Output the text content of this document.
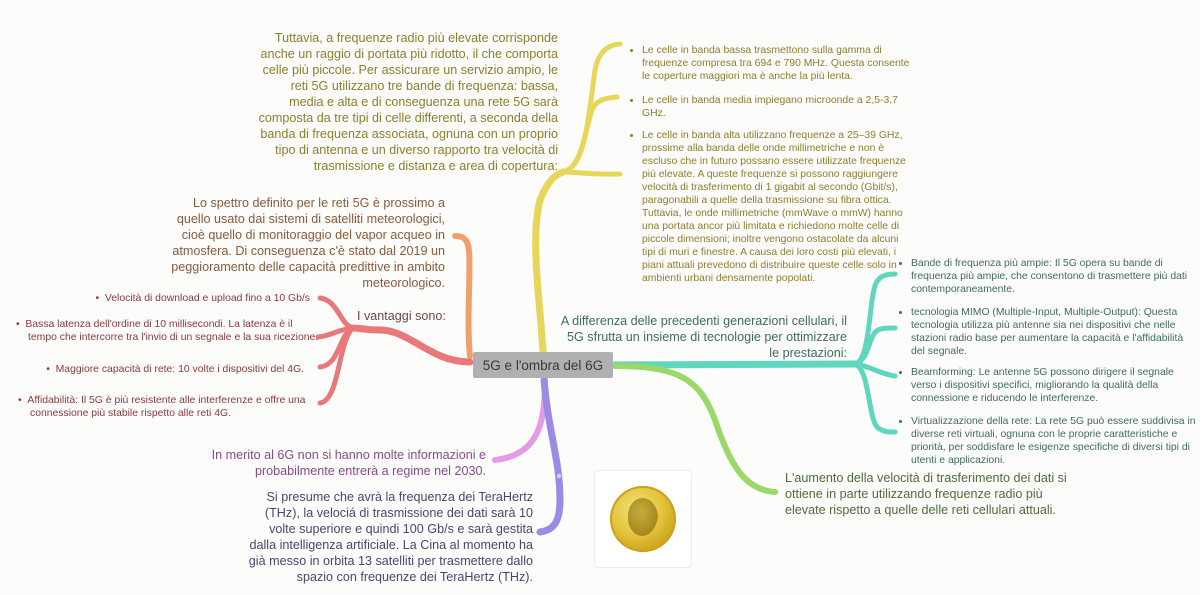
5G e l'ombra del 6G
Tuttavia, a frequenze radio più elevate corrisponde anche un raggio di portata più ridotto, il che comporta celle più piccole. Per assicurare un servizio ampio, le reti 5G utilizzano tre bande di frequenza: bassa, media e alta e di conseguenza una rete 5G sarà composta da tre tipi di celle differenti, a seconda della banda di frequenza associata, ognuna con un proprio tipo di antenna e un diverso rapporto tra velocità di trasmissione e distanza e area di copertura:
Le celle in banda bassa trasmettono sulla gamma di frequenze compresa tra 694 e 790 MHz. Questa consente le coperture maggiori ma è anche la più lenta.
Le celle in banda media impiegano microonde a 2,5-3,7 GHz.
Le celle in banda alta utilizzano frequenze a 25–39 GHz, prossime alla banda delle onde millimetriche e non è escluso che in futuro possano essere utilizzate frequenze più elevate. A queste frequenze si possono raggiungere velocità di trasferimento di 1 gigabit al secondo (Gbit/s), paragonabili a quelle della trasmissione su fibra ottica. Tuttavia, le onde millimetriche (mmWave o mmW) hanno una portata ancor più limitata e richiedono molte celle di piccole dimensioni; inoltre vengono ostacolate da alcuni tipi di muri e finestre. A causa dei loro costi più elevati, i piani attuali prevedono di distribuire queste celle solo in ambienti urbani densamente popolati.
Lo spettro definito per le reti 5G è prossimo a quello usato dai sistemi di satelliti meteorologici, cioè quello di monitoraggio del vapor acqueo in atmosfera. Di conseguenza c'è stato dal 2019 un peggioramento delle capacità predittive in ambito meteorologico.
I vantaggi sono:
•  Velocità di download e upload fino a 10 Gb/s
•  Bassa latenza dell'ordine di 10 millisecondi. La latenza è il tempo che intercorre tra l'invio di un segnale e la sua ricezione.
•  Maggiore capacità di rete: 10 volte i dispositivi del 4G.
•  Affidabilità: Il 5G è più resistente alle interferenze e offre una connessione più stabile rispetto alle reti 4G.
A differenza delle precedenti generazioni cellulari, il 5G sfrutta un insieme di tecnologie per ottimizzare le prestazioni:
Bande di frequenza più ampie: Il 5G opera su bande di frequenza più ampie, che consentono di trasmettere più dati contemporaneamente.
tecnologia MIMO (Multiple-Input, Multiple-Output): Questa tecnologia utilizza più antenne sia nei dispositivi che nelle stazioni radio base per aumentare la capacità e l'affidabilità del segnale.
Beamforming: Le antenne 5G possono dirigere il segnale verso i dispositivi specifici, migliorando la qualità della connessione e riducendo le interferenze.
Virtualizzazione della rete: La rete 5G può essere suddivisa in diverse reti virtuali, ognuna con le proprie caratteristiche e priorità, per soddisfare le esigenze specifiche di diversi tipi di utenti e applicazioni.
L'aumento della velocità di trasferimento dei dati si ottiene in parte utilizzando frequenze radio più elevate rispetto a quelle delle reti cellulari attuali.
In merito al 6G non si hanno molte informazioni e probabilmente entrerà a regime nel 2030.
Si presume che avrà la frequenza dei TeraHertz (THz), la velociá di trasmissione dei dati sarà 10 volte superiore e quindi 100 Gb/s e sarà gestita dalla intelligenza artificiale. La Cina al momento ha già messo in orbita 13 satelliti per trasmettere dallo spazio con frequenze dei TeraHertz (THz).
